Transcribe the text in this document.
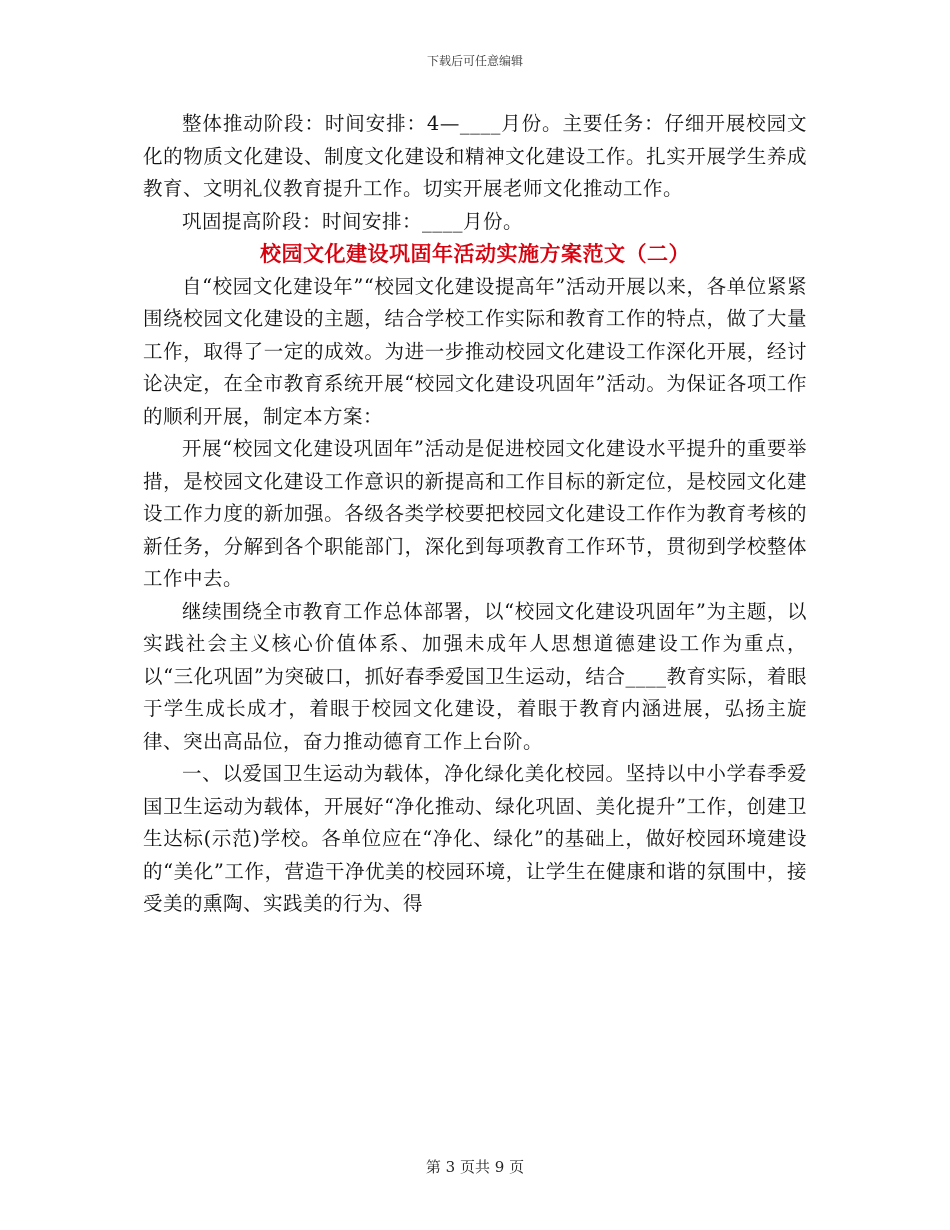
下载后可任意编辑

整体推动阶段：时间安排：4—____月份。主要任务：仔细开展校园文化的物质文化建设、制度文化建设和精神文化建设工作。扎实开展学生养成教育、文明礼仪教育提升工作。切实开展老师文化推动工作。

巩固提高阶段：时间安排：____月份。

校园文化建设巩固年活动实施方案范文（二）

自“校园文化建设年”“校园文化建设提高年”活动开展以来，各单位紧紧围绕校园文化建设的主题，结合学校工作实际和教育工作的特点，做了大量工作，取得了一定的成效。为进一步推动校园文化建设工作深化开展，经讨论决定，在全市教育系统开展“校园文化建设巩固年”活动。为保证各项工作的顺利开展，制定本方案：

开展“校园文化建设巩固年”活动是促进校园文化建设水平提升的重要举措，是校园文化建设工作意识的新提高和工作目标的新定位，是校园文化建设工作力度的新加强。各级各类学校要把校园文化建设工作作为教育考核的新任务，分解到各个职能部门，深化到每项教育工作环节，贯彻到学校整体工作中去。

继续围绕全市教育工作总体部署，以“校园文化建设巩固年”为主题，以实践社会主义核心价值体系、加强未成年人思想道德建设工作为重点，以“三化巩固”为突破口，抓好春季爱国卫生运动，结合____教育实际，着眼于学生成长成才，着眼于校园文化建设，着眼于教育内涵进展，弘扬主旋律、突出高品位，奋力推动德育工作上台阶。

一、以爱国卫生运动为载体，净化绿化美化校园。坚持以中小学春季爱国卫生运动为载体，开展好“净化推动、绿化巩固、美化提升”工作，创建卫生达标(示范)学校。各单位应在“净化、绿化”的基础上，做好校园环境建设的“美化”工作，营造干净优美的校园环境，让学生在健康和谐的氛围中，接受美的熏陶、实践美的行为、得

第 3 页共 9 页
